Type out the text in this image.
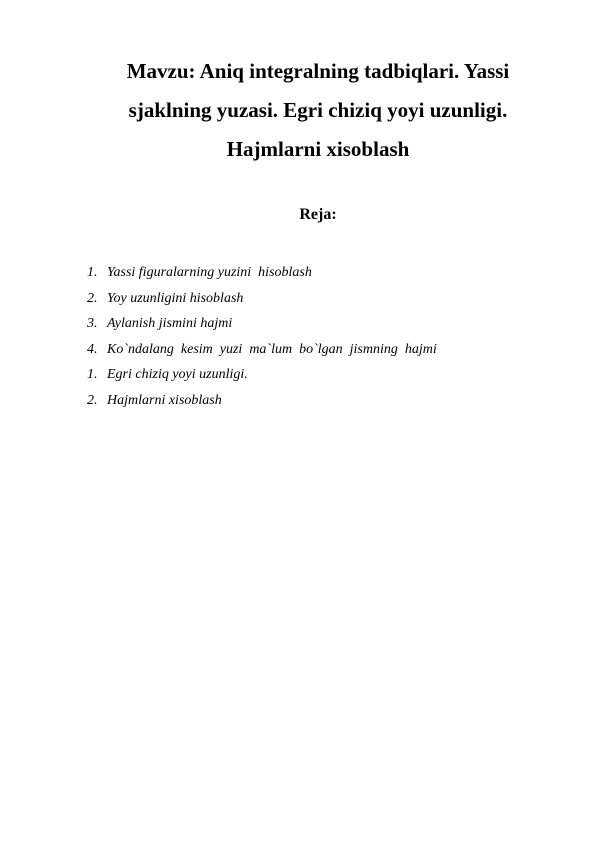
Mavzu: Aniq integralning tadbiqlari. Yassi
sjaklning yuzasi. Egri chiziq yoyi uzunligi.
Hajmlarni xisoblash
Reja:
1. Yassi figuralarning yuzini  hisoblash
2. Yoy uzunligini hisoblash
3. Aylanish jismini hajmi
4. Ko`ndalang  kesim  yuzi  ma`lum  bo`lgan  jismning  hajmi
1. Egri chiziq yoyi uzunligi.
2. Hajmlarni xisoblash
